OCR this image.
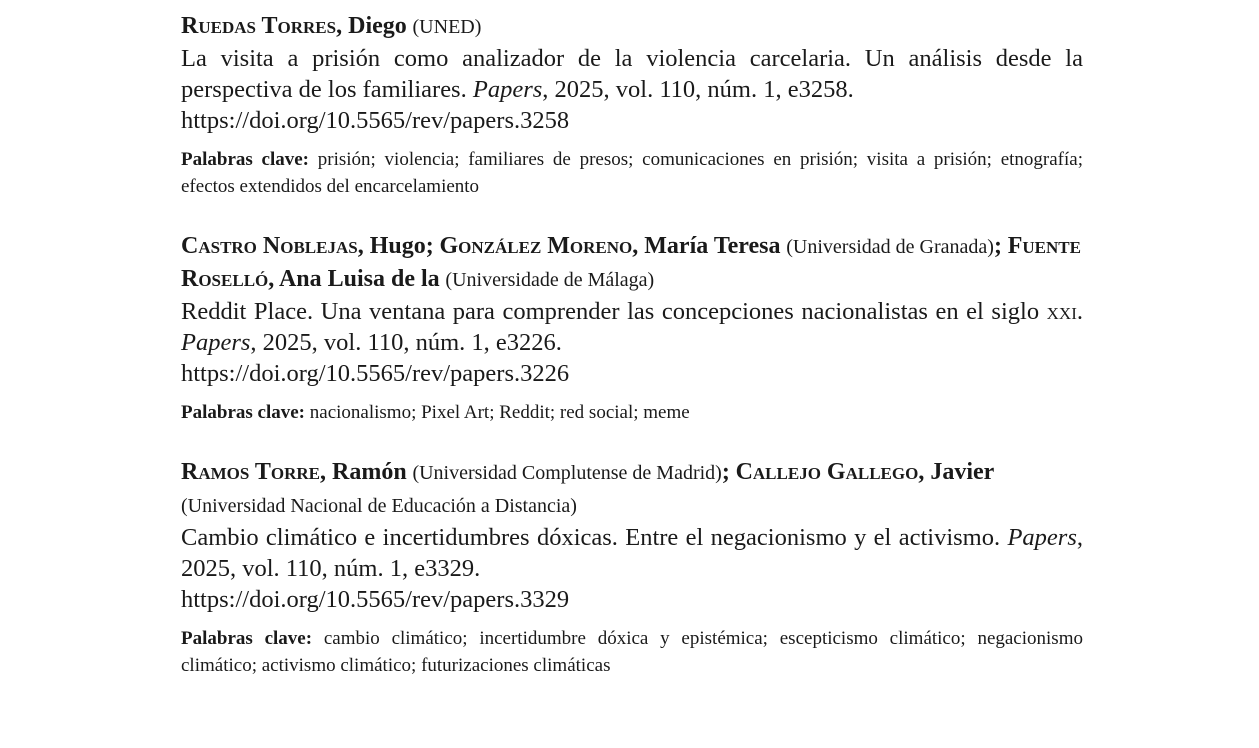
Ruedas Torres, Diego (UNED)
La visita a prisión como analizador de la violencia carcelaria. Un análisis desde la perspectiva de los familiares. Papers, 2025, vol. 110, núm. 1, e3258.
https://doi.org/10.5565/rev/papers.3258
Palabras clave: prisión; violencia; familiares de presos; comunicaciones en prisión; visita a prisión; etnografía; efectos extendidos del encarcelamiento
Castro Noblejas, Hugo; González Moreno, María Teresa (Universidad de Granada); Fuente Roselló, Ana Luisa de la (Universidade de Málaga)
Reddit Place. Una ventana para comprender las concepciones nacionalistas en el siglo xxi. Papers, 2025, vol. 110, núm. 1, e3226.
https://doi.org/10.5565/rev/papers.3226
Palabras clave: nacionalismo; Pixel Art; Reddit; red social; meme
Ramos Torre, Ramón (Universidad Complutense de Madrid); Callejo Gallego, Javier (Universidad Nacional de Educación a Distancia)
Cambio climático e incertidumbres dóxicas. Entre el negacionismo y el activismo. Papers, 2025, vol. 110, núm. 1, e3329.
https://doi.org/10.5565/rev/papers.3329
Palabras clave: cambio climático; incertidumbre dóxica y epistémica; escepticismo climático; negacionismo climático; activismo climático; futurizaciones climáticas
